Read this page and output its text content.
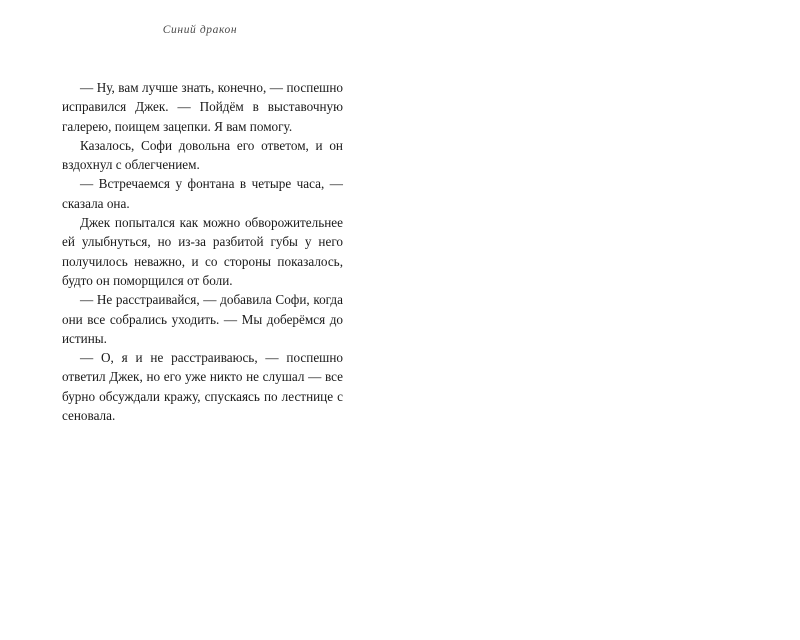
Синий дракон

— Ну, вам лучше знать, конечно, — поспешно исправился Джек. — Пойдём в выставочную галерею, поищем зацепки. Я вам помогу.

Казалось, Софи довольна его ответом, и он вздохнул с облегчением.

— Встречаемся у фонтана в четыре часа, — сказала она.

Джек попытался как можно обворожительнее ей улыбнуться, но из-за разбитой губы у него получилось неважно, и со стороны показалось, будто он поморщился от боли.

— Не расстраивайся, — добавила Софи, когда они все собрались уходить. — Мы доберёмся до истины.

— О, я и не расстраиваюсь, — поспешно ответил Джек, но его уже никто не слушал — все бурно обсуждали кражу, спускаясь по лестнице с сеновала.
